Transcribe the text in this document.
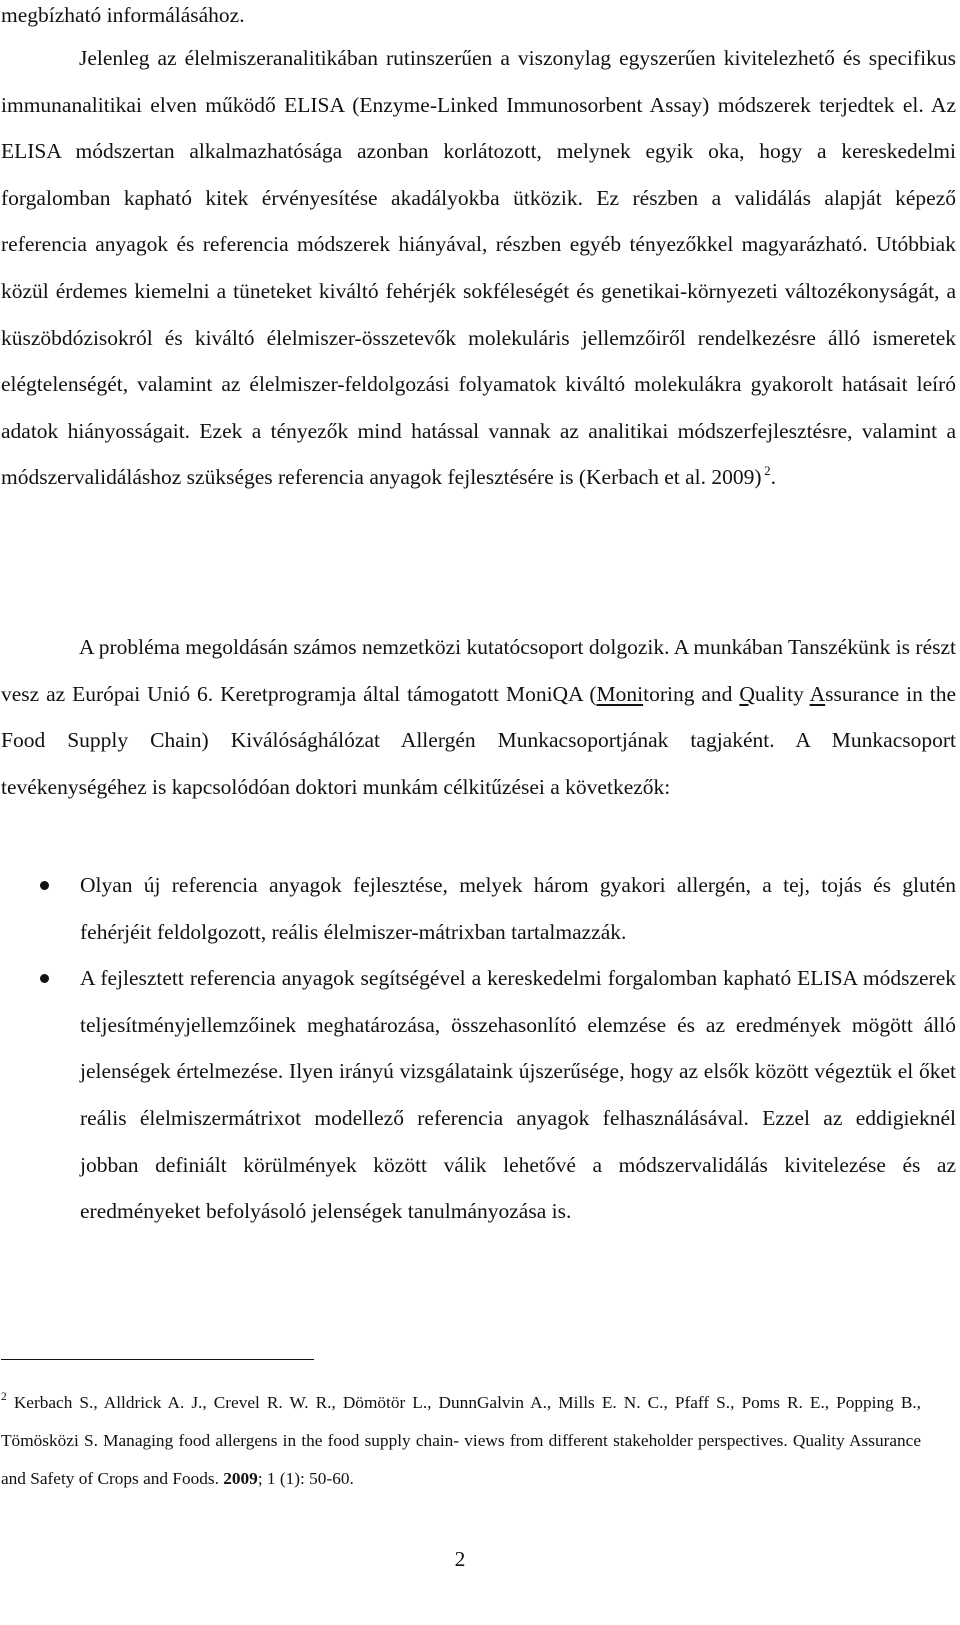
megbízható informálásához.
Jelenleg az élelmiszeranalitikában rutinszerűen a viszonylag egyszerűen kivitelezhető és specifikus immunanalitikai elven működő ELISA (Enzyme-Linked Immunosorbent Assay) módszerek terjedtek el. Az ELISA módszertan alkalmazhatósága azonban korlátozott, melynek egyik oka, hogy a kereskedelmi forgalomban kapható kitek érvényesítése akadályokba ütközik. Ez részben a validálás alapját képező referencia anyagok és referencia módszerek hiányával, részben egyéb tényezőkkel magyarázható. Utóbbiak közül érdemes kiemelni a tüneteket kiváltó fehérjék sokféleségét és genetikai-környezeti változékonyságát, a küszöbdózisokról és kiváltó élelmiszer-összetevők molekuláris jellemzőiről rendelkezésre álló ismeretek elégtelenségét, valamint az élelmiszer-feldolgozási folyamatok kiváltó molekulákra gyakorolt hatásait leíró adatok hiányosságait. Ezek a tényezők mind hatással vannak az analitikai módszerfejlesztésre, valamint a módszervalidáláshoz szükséges referencia anyagok fejlesztésére is (Kerbach et al. 2009)  $^2$.
A probléma megoldásán számos nemzetközi kutatócsoport dolgozik. A munkában Tanszékünk is részt vesz az Európai Unió 6. Keretprogramja által támogatott MoniQA (Monitoring and Quality Assurance in the Food Supply Chain) Kiválósághálózat Allergén Munkacsoportjának tagjaként. A Munkacsoport tevékenységéhez is kapcsolódóan doktori munkám célkitűzései a következők:
Olyan új referencia anyagok fejlesztése, melyek három gyakori allergén, a tej, tojás és glutén fehérjéit feldolgozott, reális élelmiszer-mátrixban tartalmazzák.
A fejlesztett referencia anyagok segítségével a kereskedelmi forgalomban kapható ELISA módszerek teljesítményjellemzőinek meghatározása, összehasonlító elemzése és az eredmények mögött álló jelenségek értelmezése. Ilyen irányú vizsgálataink újszerűsége, hogy az elsők között végeztük el őket reális élelmiszermátrixot modellező referencia anyagok felhasználásával. Ezzel az eddigieknél jobban definiált körülmények között válik lehetővé a módszervalidálás kivitelezése és az eredményeket befolyásoló jelenségek tanulmányozása is.
$^2$ Kerbach S., Alldrick A. J., Crevel R. W. R., Dömötör L., DunnGalvin A., Mills E. N. C., Pfaff S., Poms R. E., Popping B., Tömösközi S. Managing food allergens in the food supply chain- views from different stakeholder perspectives. Quality Assurance and Safety of Crops and Foods. 2009; 1 (1): 50-60.
2
